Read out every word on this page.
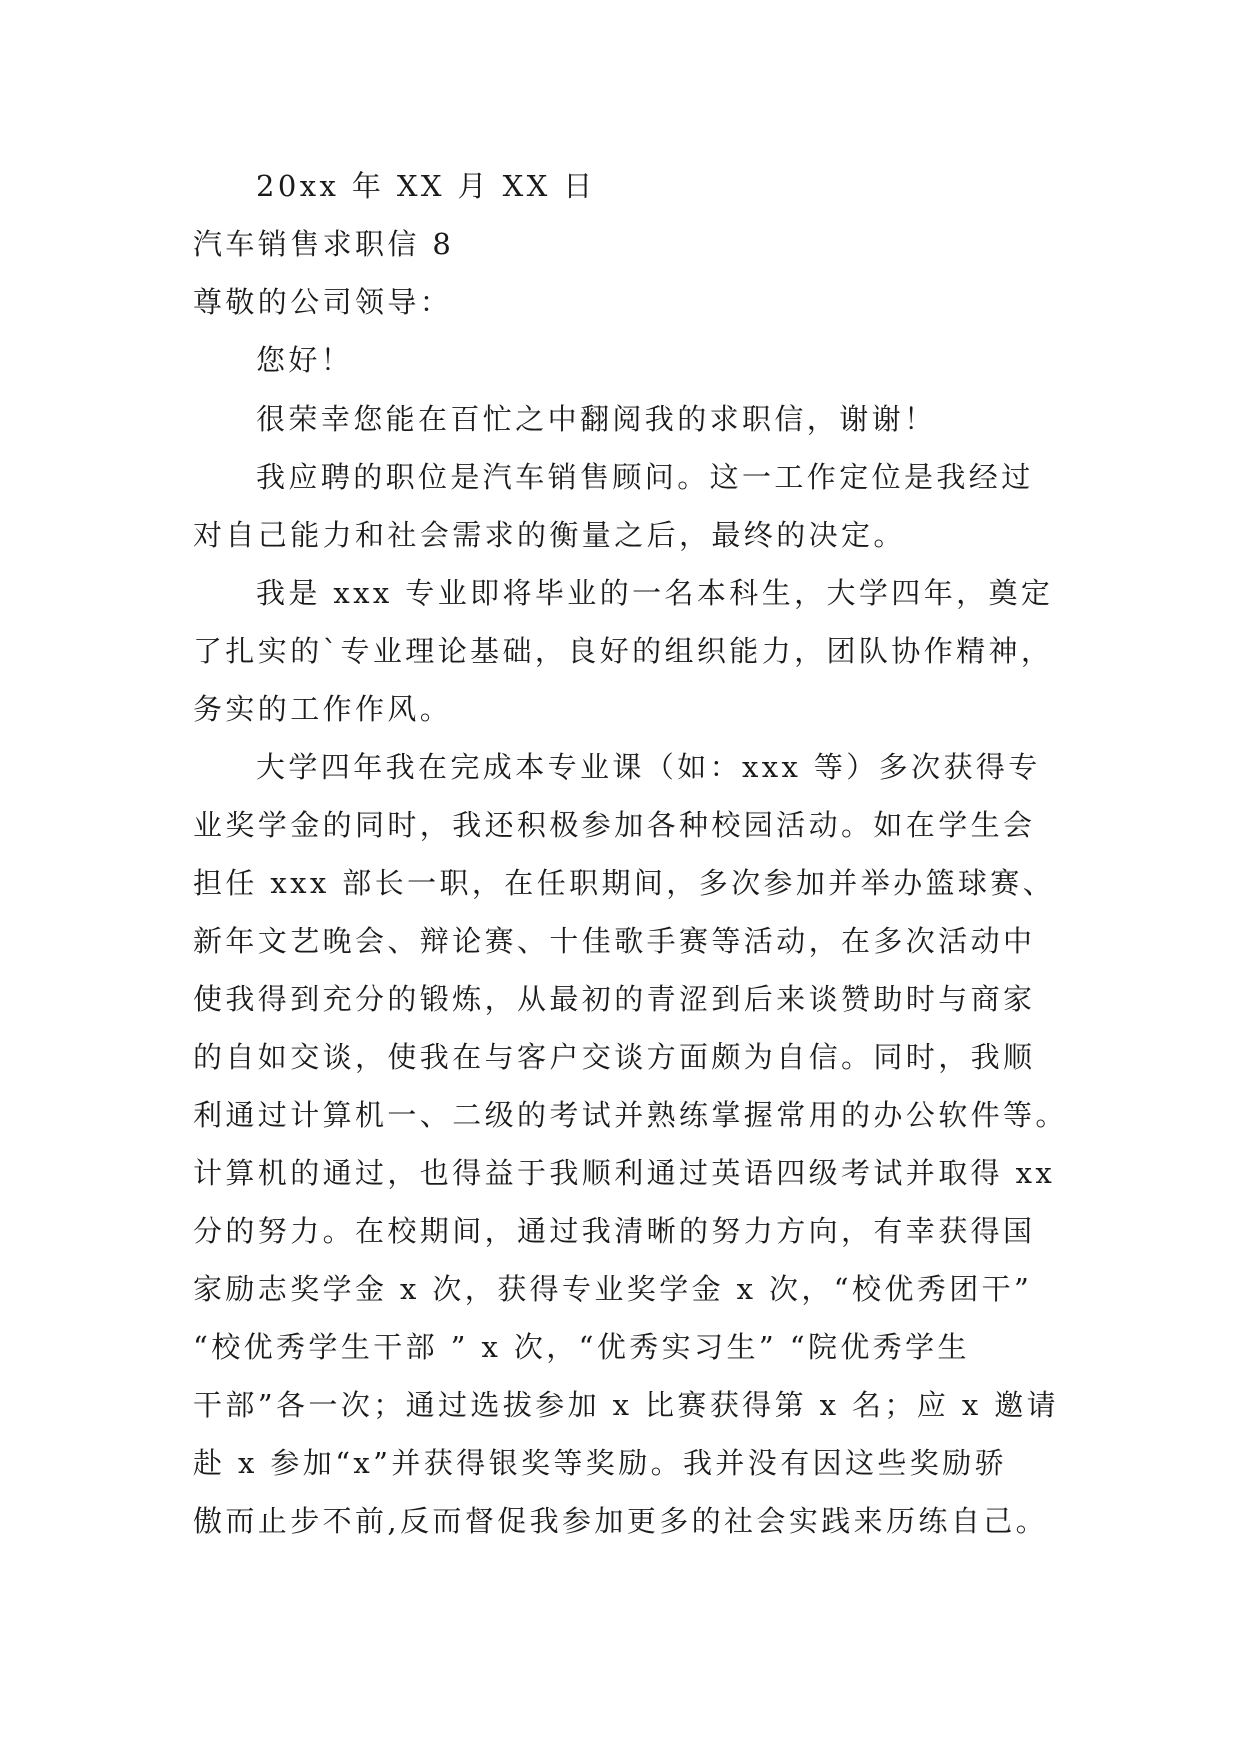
20xx 年 XX 月 XX 日
汽车销售求职信 8
尊敬的公司领导：
您好！
很荣幸您能在百忙之中翻阅我的求职信，谢谢！
我应聘的职位是汽车销售顾问。这一工作定位是我经过
对自己能力和社会需求的衡量之后，最终的决定。
我是 xxx 专业即将毕业的一名本科生，大学四年，奠定
了扎实的`专业理论基础，良好的组织能力，团队协作精神，
务实的工作作风。
大学四年我在完成本专业课（如：xxx 等）多次获得专
业奖学金的同时，我还积极参加各种校园活动。如在学生会
担任 xxx 部长一职，在任职期间，多次参加并举办篮球赛、
新年文艺晚会、辩论赛、十佳歌手赛等活动，在多次活动中
使我得到充分的锻炼，从最初的青涩到后来谈赞助时与商家
的自如交谈，使我在与客户交谈方面颇为自信。同时，我顺
利通过计算机一、二级的考试并熟练掌握常用的办公软件等。
计算机的通过，也得益于我顺利通过英语四级考试并取得 xx
分的努力。在校期间，通过我清晰的努力方向，有幸获得国
家励志奖学金 x 次，获得专业奖学金 x 次，“校优秀团干”
“校优秀学生干部 ” x 次，“优秀实习生” “院优秀学生
干部”各一次；通过选拔参加 x 比赛获得第 x 名；应 x 邀请
赴 x 参加“x”并获得银奖等奖励。我并没有因这些奖励骄
傲而止步不前,反而督促我参加更多的社会实践来历练自己。
